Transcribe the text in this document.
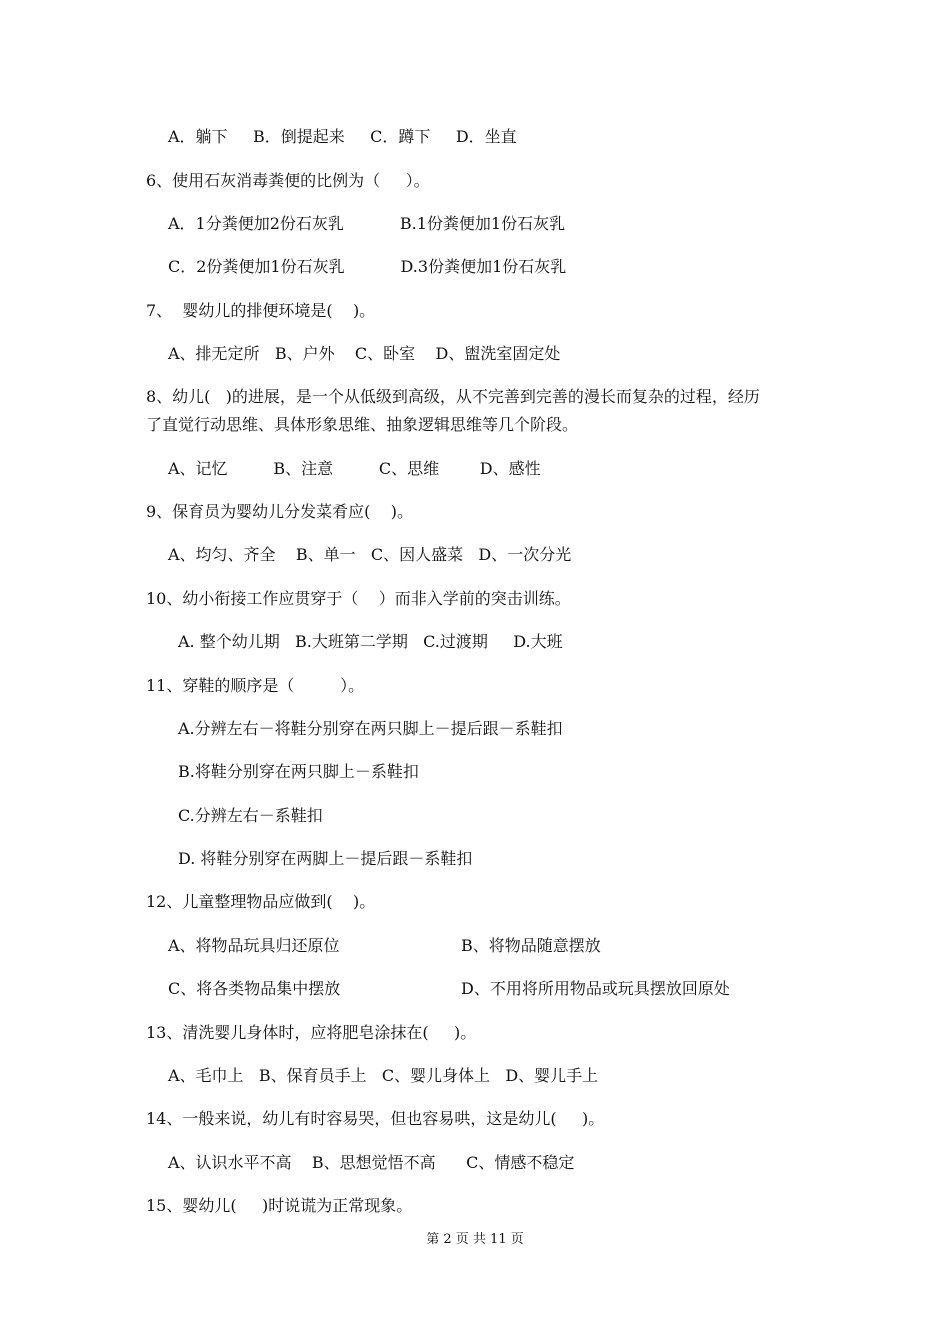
A．躺下     B．倒提起来     C．蹲下     D．坐直
6、使用石灰消毒粪便的比例为（     ）。
A．1分粪便加2份石灰乳           B.1份粪便加1份石灰乳
C．2份粪便加1份石灰乳           D.3份粪便加1份石灰乳
7、  婴幼儿的排便环境是(    )。
A、排无定所   B、户外    C、卧室    D、盥洗室固定处
8、幼儿(   )的进展，是一个从低级到高级，从不完善到完善的漫长而复杂的过程，经历
了直觉行动思维、具体形象思维、抽象逻辑思维等几个阶段。
A、记忆         B、注意         C、思维        D、感性
9、保育员为婴幼儿分发菜肴应(    )。
A、均匀、齐全    B、单一   C、因人盛菜   D、一次分光
10、幼小衔接工作应贯穿于（    ）而非入学前的突击训练。
A. 整个幼儿期   B.大班第二学期   C.过渡期     D.大班
11、穿鞋的顺序是（         ）。
A.分辨左右－将鞋分别穿在两只脚上－提后跟－系鞋扣
B.将鞋分别穿在两只脚上－系鞋扣
C.分辨左右－系鞋扣
D. 将鞋分别穿在两脚上－提后跟－系鞋扣
12、儿童整理物品应做到(    )。
A、将物品玩具归还原位	B、将物品随意摆放
C、将各类物品集中摆放	D、不用将所用物品或玩具摆放回原处
13、清洗婴儿身体时，应将肥皂涂抹在(     )。
A、毛巾上   B、保育员手上   C、婴儿身体上   D、婴儿手上
14、一般来说，幼儿有时容易哭，但也容易哄，这是幼儿(     )。
A、认识水平不高    B、思想觉悟不高      C、情感不稳定
15、婴幼儿(     )时说谎为正常现象。
第 2 页 共 11 页
